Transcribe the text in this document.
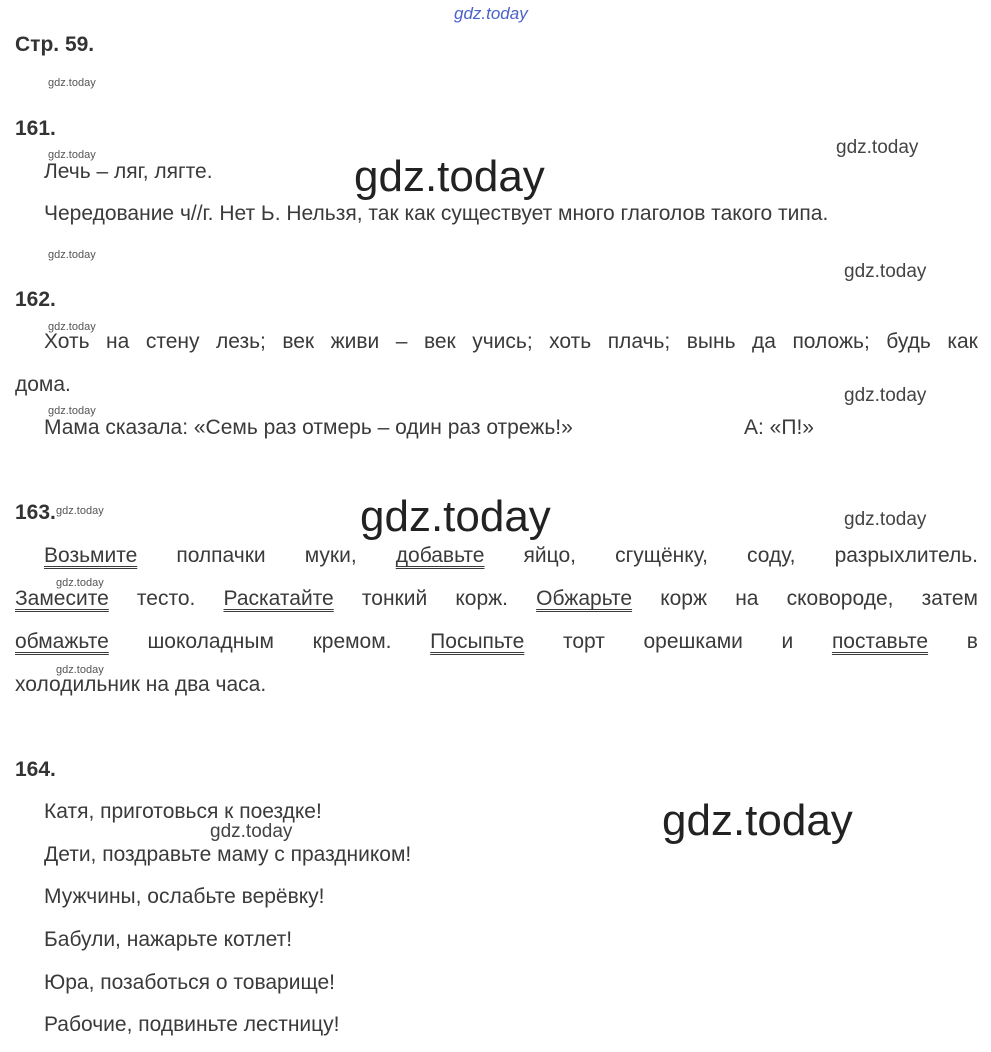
gdz.today
gdz.today
gdz.today
gdz.today
gdz.today
gdz.today
gdz.today
gdz.today
gdz.today
gdz.today
gdz.today
gdz.today
gdz.today
gdz.today
gdz.today
gdz.today
gdz.today
Стр. 59.
161.
Лечь – ляг, лягте.
Чередование ч//г. Нет Ь. Нельзя, так как существует много глаголов такого типа.
162.
Хоть на стену лезь; век живи – век учись; хоть плачь; вынь да положь; будь как
дома.
Мама сказала: «Семь раз отмерь – один раз отрежь!»	А: «П!»
163.
Возьмите полпачки муки, добавьте яйцо, сгущёнку, соду, разрыхлитель.
Замесите тесто. Раскатайте тонкий корж. Обжарьте корж на сковороде, затем
обмажьте шоколадным кремом. Посыпьте торт орешками и поставьте в
холодильник на два часа.
164.
Катя, приготовься к поездке!
Дети, поздравьте маму с праздником!
Мужчины, ослабьте верёвку!
Бабули, нажарьте котлет!
Юра, позаботься о товарище!
Рабочие, подвиньте лестницу!
